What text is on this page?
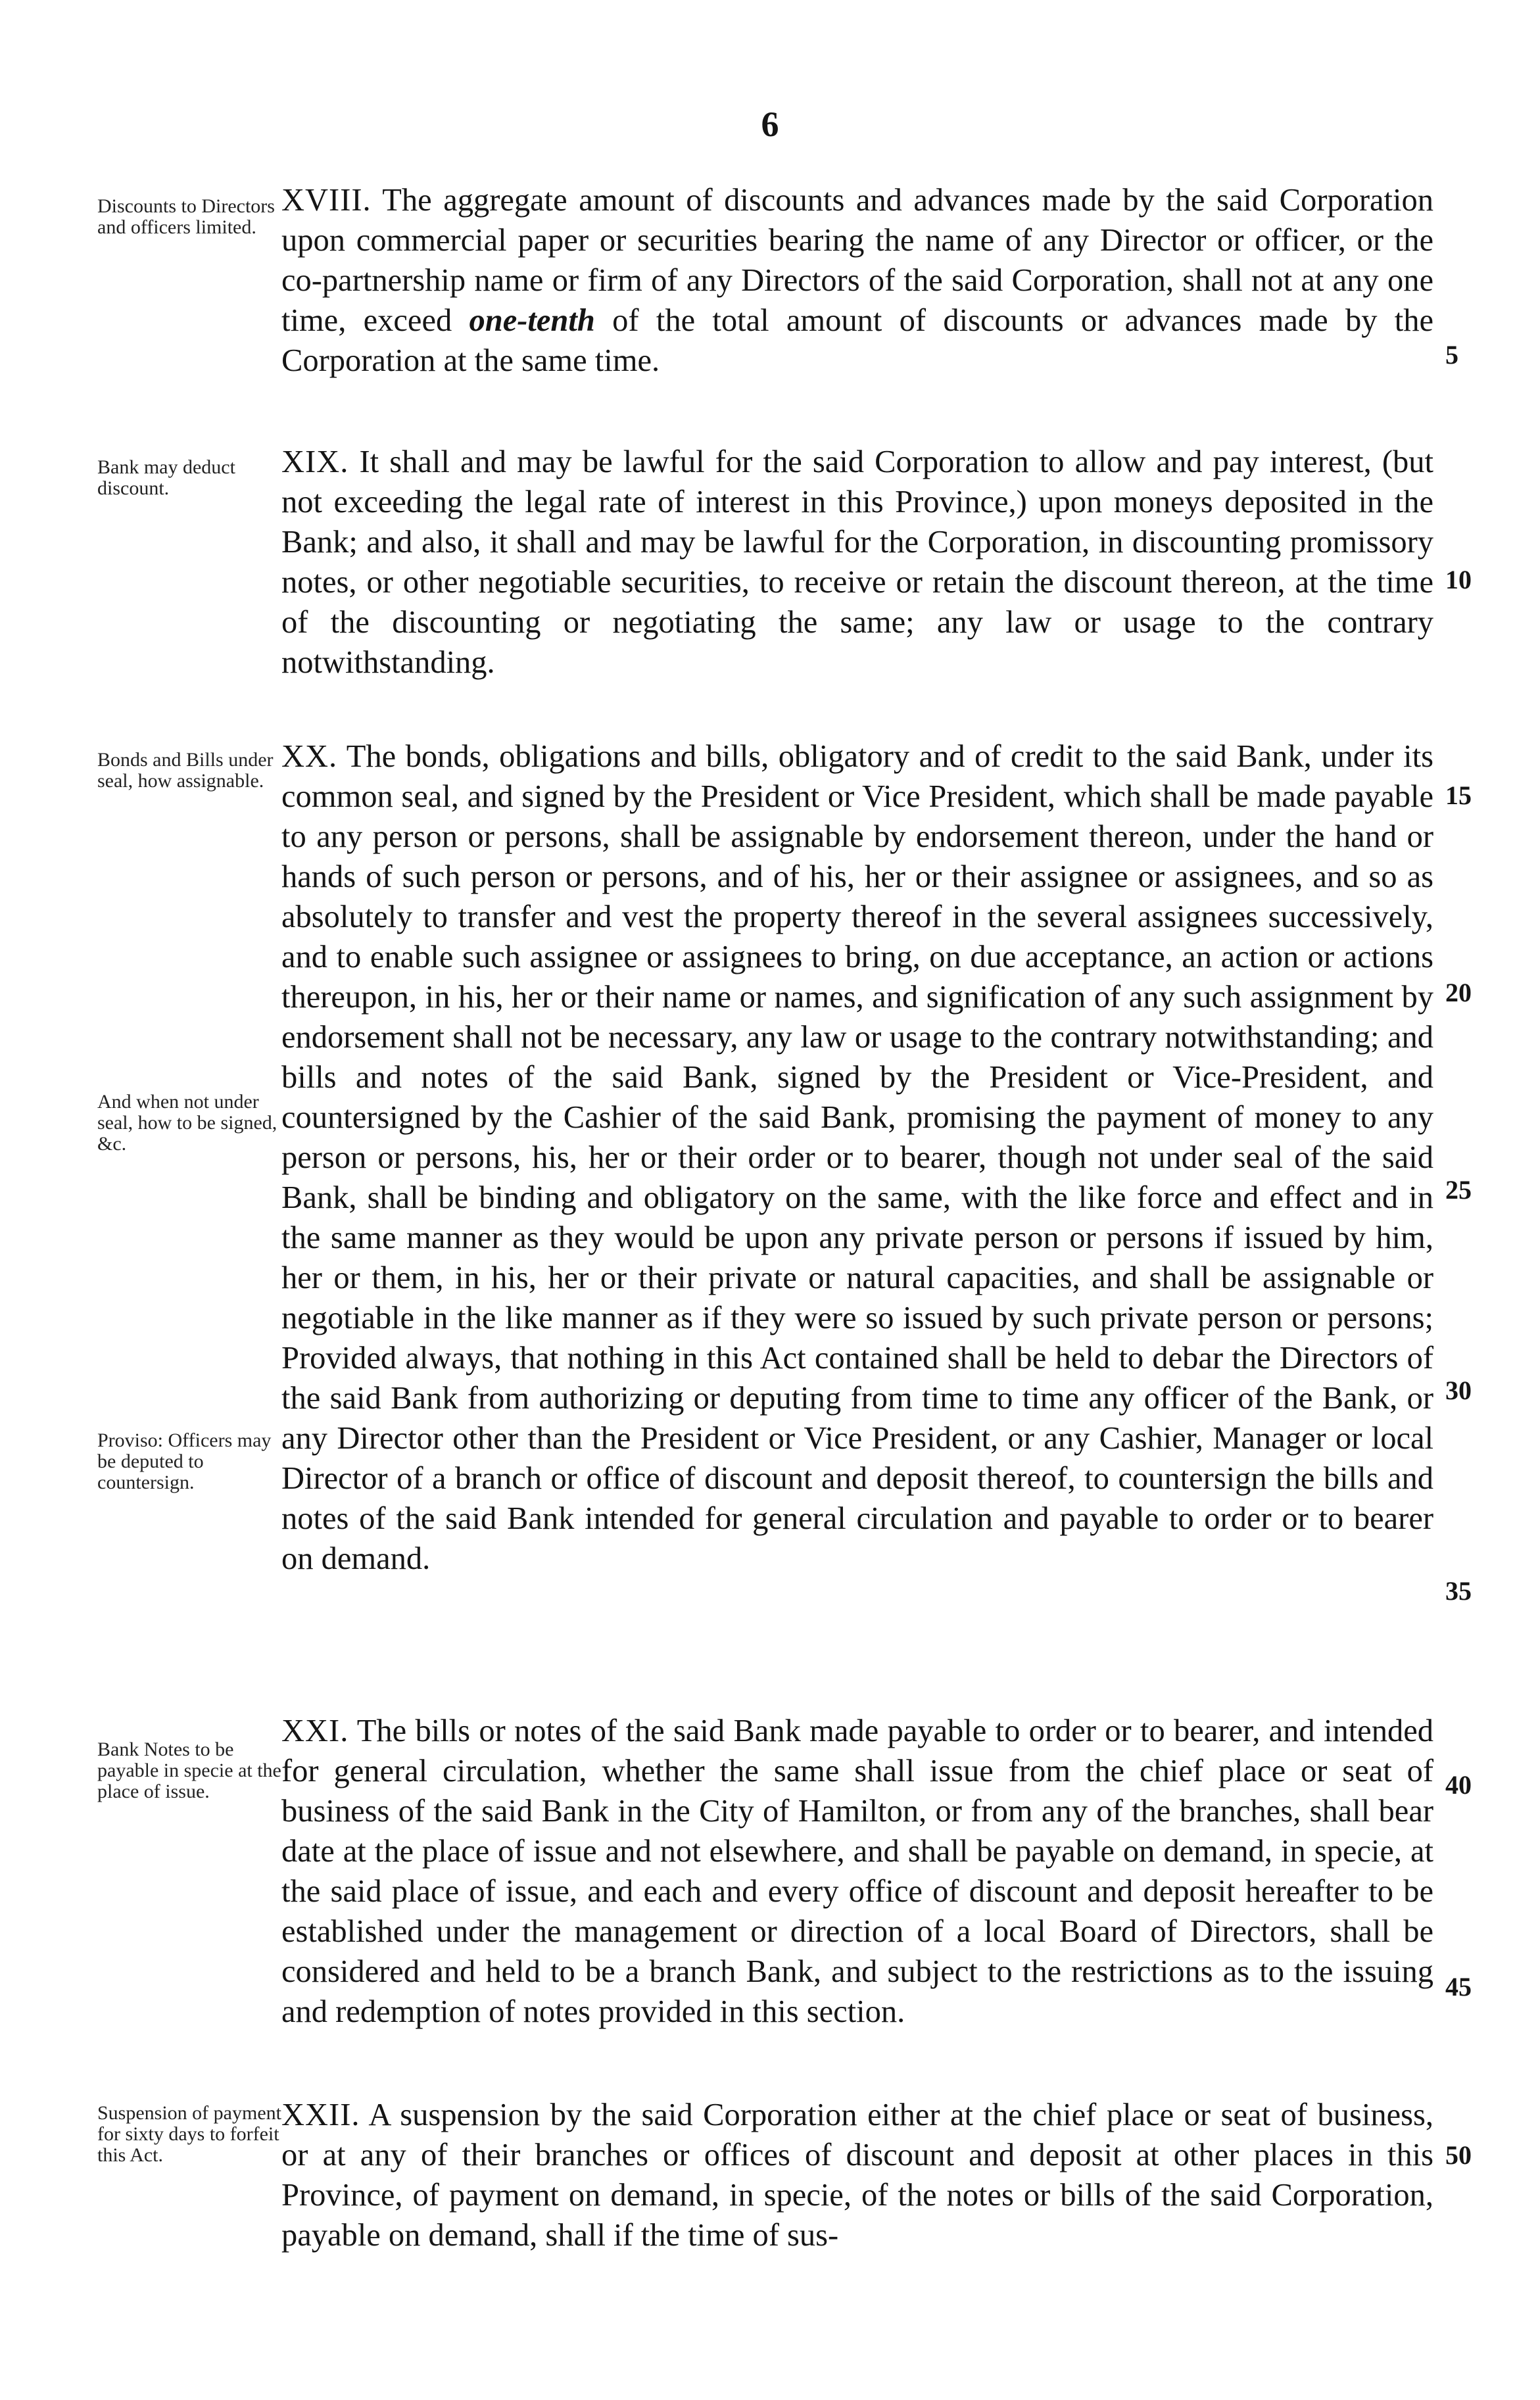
6
Discounts to Directors and officers limited.

XVIII. The aggregate amount of discounts and advances made by the said Corporation upon commercial paper or securities bearing the name of any Director or officer, or the co-partnership name or firm of any Directors of the said Corporation, shall not at any one time, exceed one-tenth of the total amount of discounts or advances made by the Corporation at the same time.

Bank may deduct discount.

XIX. It shall and may be lawful for the said Corporation to allow and pay interest, (but not exceeding the legal rate of interest in this Province,) upon moneys deposited in the Bank; and also, it shall and may be lawful for the Corporation, in discounting promissory notes, or other negotiable securities, to receive or retain the discount thereon, at the time of the discounting or negotiating the same; any law or usage to the contrary notwithstanding.

Bonds and Bills under seal, how assignable.
And when not under seal, how to be signed, &c.
Proviso: Officers may be deputed to countersign.

XX. The bonds, obligations and bills, obligatory and of credit to the said Bank, under its common seal, and signed by the President or Vice President, which shall be made payable to any person or persons, shall be assignable by endorsement thereon, under the hand or hands of such person or persons, and of his, her or their assignee or assignees, and so as absolutely to transfer and vest the property thereof in the several assignees successively, and to enable such assignee or assignees to bring, on due acceptance, an action or actions thereupon, in his, her or their name or names, and signification of any such assignment by endorsement shall not be necessary, any law or usage to the contrary notwithstanding; and bills and notes of the said Bank, signed by the President or Vice-President, and countersigned by the Cashier of the said Bank, promising the payment of money to any person or persons, his, her or their order or to bearer, though not under seal of the said Bank, shall be binding and obligatory on the same, with the like force and effect and in the same manner as they would be upon any private person or persons if issued by him, her or them, in his, her or their private or natural capacities, and shall be assignable or negotiable in the like manner as if they were so issued by such private person or persons; Provided always, that nothing in this Act contained shall be held to debar the Directors of the said Bank from authorizing or deputing from time to time any officer of the Bank, or any Director other than the President or Vice President, or any Cashier, Manager or local Director of a branch or office of discount and deposit thereof, to countersign the bills and notes of the said Bank intended for general circulation and payable to order or to bearer on demand.

Bank Notes to be payable in specie at the place of issue.

XXI. The bills or notes of the said Bank made payable to order or to bearer, and intended for general circulation, whether the same shall issue from the chief place or seat of business of the said Bank in the City of Hamilton, or from any of the branches, shall bear date at the place of issue and not elsewhere, and shall be payable on demand, in specie, at the said place of issue, and each and every office of discount and deposit hereafter to be established under the management or direction of a local Board of Directors, shall be considered and held to be a branch Bank, and subject to the restrictions as to the issuing and redemption of notes provided in this section.

Suspension of payment for sixty days to forfeit this Act.

XXII. A suspension by the said Corporation either at the chief place or seat of business, or at any of their branches or offices of discount and deposit at other places in this Province, of payment on demand, in specie, of the notes or bills of the said Corporation, payable on demand, shall if the time of sus-

5
10
15
20
25
30
35
40
45
50
